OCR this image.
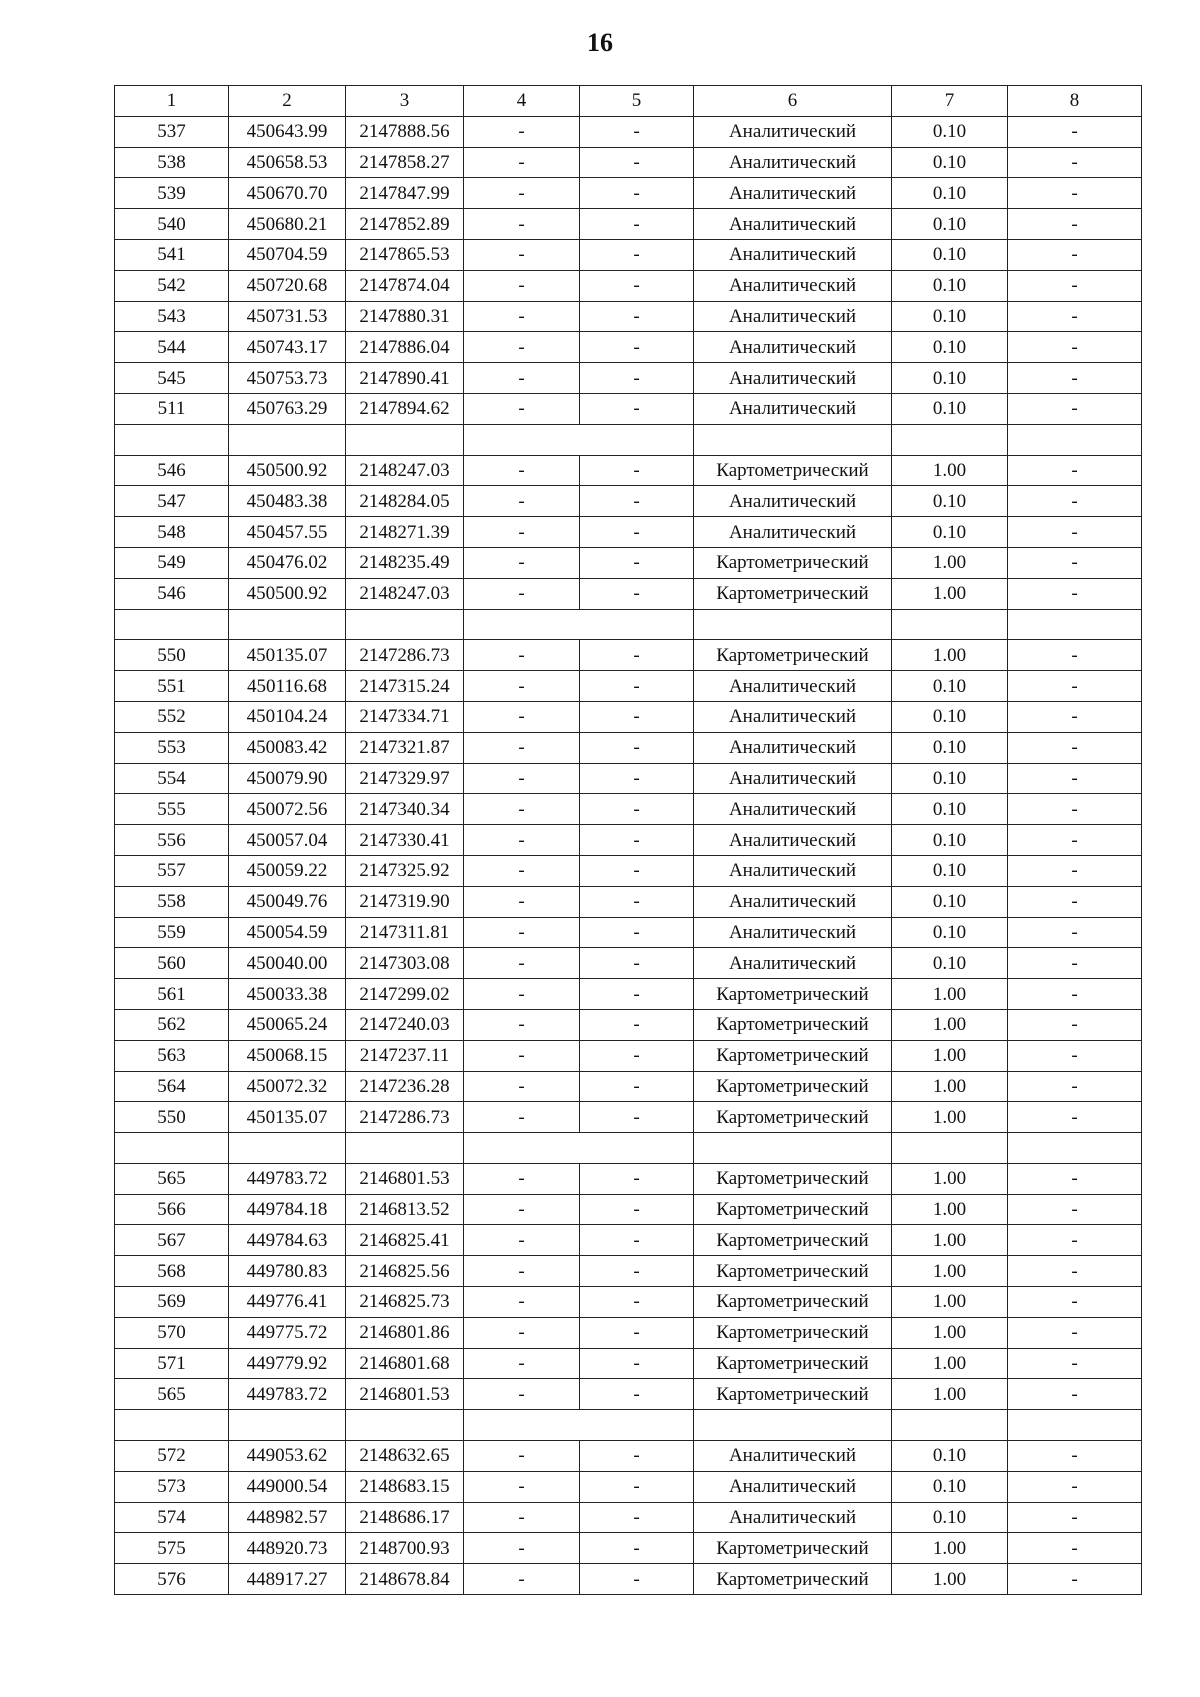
16
1	2	3	4	5	6	7	8
537	450643.99	2147888.56	-	-	Аналитический	0.10	-
538	450658.53	2147858.27	-	-	Аналитический	0.10	-
539	450670.70	2147847.99	-	-	Аналитический	0.10	-
540	450680.21	2147852.89	-	-	Аналитический	0.10	-
541	450704.59	2147865.53	-	-	Аналитический	0.10	-
542	450720.68	2147874.04	-	-	Аналитический	0.10	-
543	450731.53	2147880.31	-	-	Аналитический	0.10	-
544	450743.17	2147886.04	-	-	Аналитический	0.10	-
545	450753.73	2147890.41	-	-	Аналитический	0.10	-
511	450763.29	2147894.62	-	-	Аналитический	0.10	-

546	450500.92	2148247.03	-	-	Картометрический	1.00	-
547	450483.38	2148284.05	-	-	Аналитический	0.10	-
548	450457.55	2148271.39	-	-	Аналитический	0.10	-
549	450476.02	2148235.49	-	-	Картометрический	1.00	-
546	450500.92	2148247.03	-	-	Картометрический	1.00	-

550	450135.07	2147286.73	-	-	Картометрический	1.00	-
551	450116.68	2147315.24	-	-	Аналитический	0.10	-
552	450104.24	2147334.71	-	-	Аналитический	0.10	-
553	450083.42	2147321.87	-	-	Аналитический	0.10	-
554	450079.90	2147329.97	-	-	Аналитический	0.10	-
555	450072.56	2147340.34	-	-	Аналитический	0.10	-
556	450057.04	2147330.41	-	-	Аналитический	0.10	-
557	450059.22	2147325.92	-	-	Аналитический	0.10	-
558	450049.76	2147319.90	-	-	Аналитический	0.10	-
559	450054.59	2147311.81	-	-	Аналитический	0.10	-
560	450040.00	2147303.08	-	-	Аналитический	0.10	-
561	450033.38	2147299.02	-	-	Картометрический	1.00	-
562	450065.24	2147240.03	-	-	Картометрический	1.00	-
563	450068.15	2147237.11	-	-	Картометрический	1.00	-
564	450072.32	2147236.28	-	-	Картометрический	1.00	-
550	450135.07	2147286.73	-	-	Картометрический	1.00	-

565	449783.72	2146801.53	-	-	Картометрический	1.00	-
566	449784.18	2146813.52	-	-	Картометрический	1.00	-
567	449784.63	2146825.41	-	-	Картометрический	1.00	-
568	449780.83	2146825.56	-	-	Картометрический	1.00	-
569	449776.41	2146825.73	-	-	Картометрический	1.00	-
570	449775.72	2146801.86	-	-	Картометрический	1.00	-
571	449779.92	2146801.68	-	-	Картометрический	1.00	-
565	449783.72	2146801.53	-	-	Картометрический	1.00	-

572	449053.62	2148632.65	-	-	Аналитический	0.10	-
573	449000.54	2148683.15	-	-	Аналитический	0.10	-
574	448982.57	2148686.17	-	-	Аналитический	0.10	-
575	448920.73	2148700.93	-	-	Картометрический	1.00	-
576	448917.27	2148678.84	-	-	Картометрический	1.00	-
